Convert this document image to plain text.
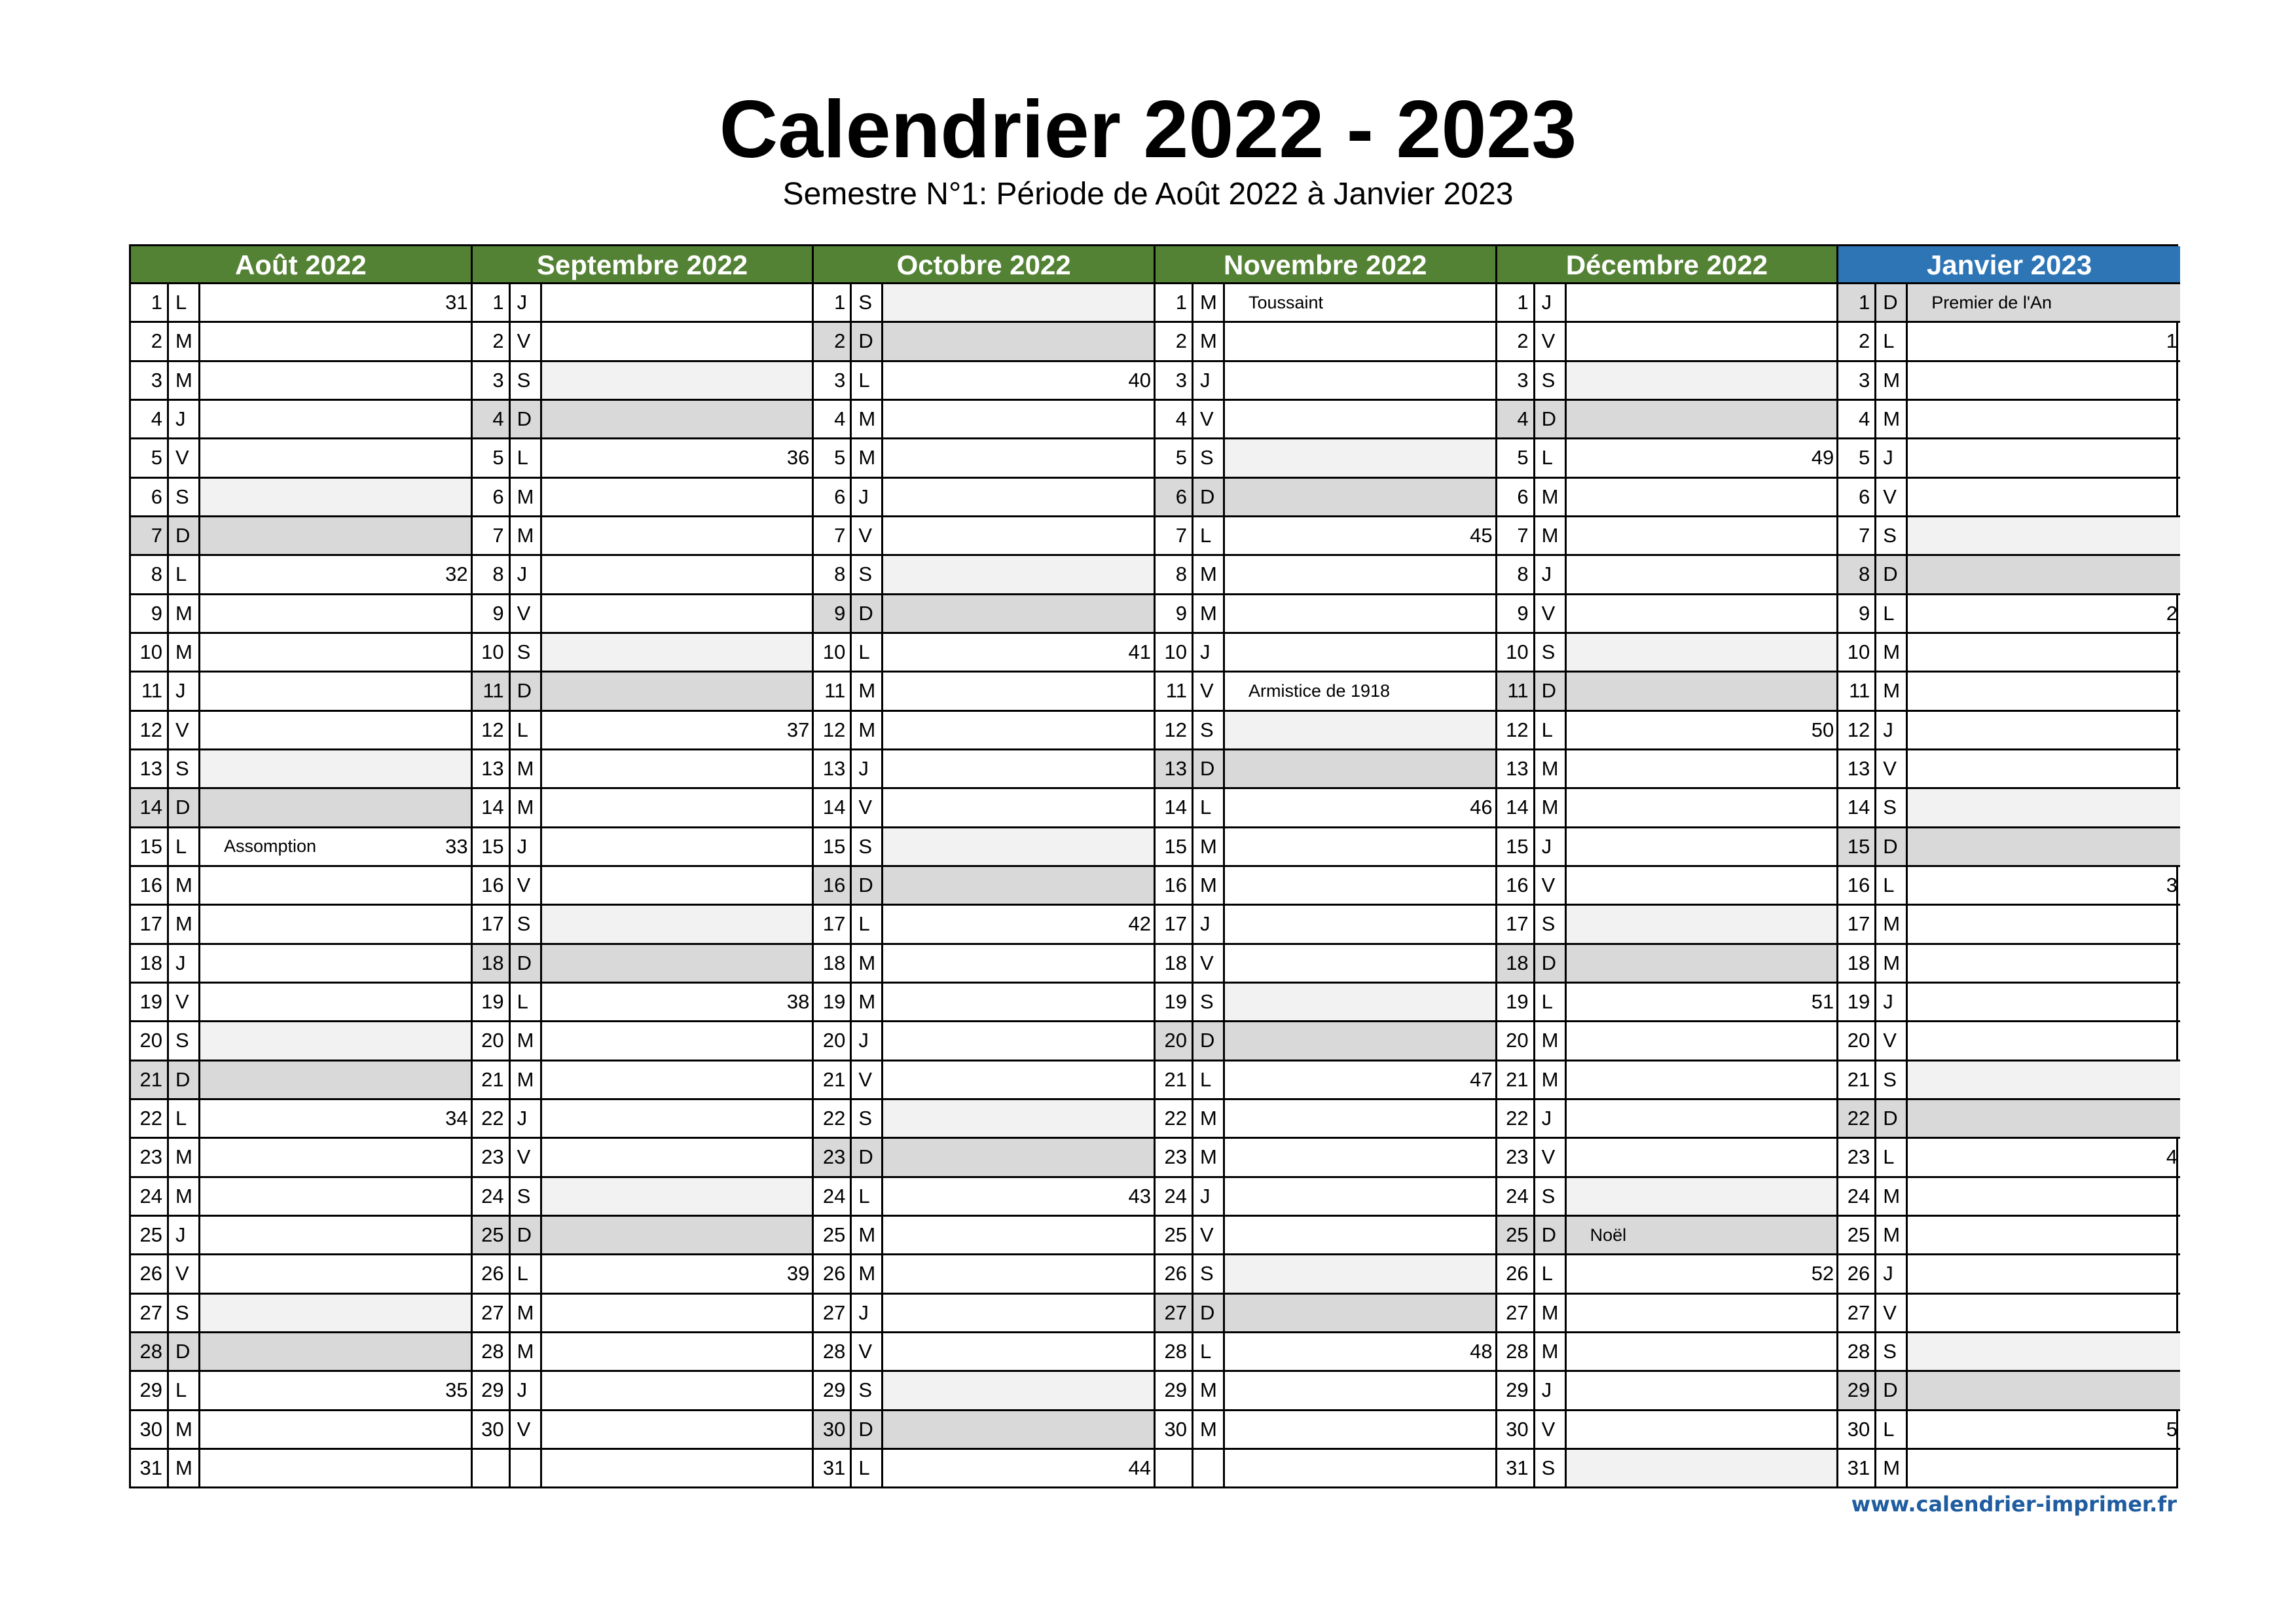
Calendrier 2022 - 2023
Semestre N°1: Période de Août 2022 à Janvier 2023
Août 2022
1 L	31
2 M
3 M
4 J
5 V
6 S
7 D
8 L	32
9 M
10 M
11 J
12 V
13 S
14 D
15 L	Assomption	33
16 M
17 M
18 J
19 V
20 S
21 D
22 L	34
23 M
24 M
25 J
26 V
27 S
28 D
29 L	35
30 M
31 M
Septembre 2022
1 J
2 V
3 S
4 D
5 L	36
6 M
7 M
8 J
9 V
10 S
11 D
12 L	37
13 M
14 M
15 J
16 V
17 S
18 D
19 L	38
20 M
21 M
22 J
23 V
24 S
25 D
26 L	39
27 M
28 M
29 J
30 V
Octobre 2022
1 S
2 D
3 L	40
4 M
5 M
6 J
7 V
8 S
9 D
10 L	41
11 M
12 M
13 J
14 V
15 S
16 D
17 L	42
18 M
19 M
20 J
21 V
22 S
23 D
24 L	43
25 M
26 M
27 J
28 V
29 S
30 D
31 L	44
Novembre 2022
1 M	Toussaint
2 M
3 J
4 V
5 S
6 D
7 L	45
8 M
9 M
10 J
11 V	Armistice de 1918
12 S
13 D
14 L	46
15 M
16 M
17 J
18 V
19 S
20 D
21 L	47
22 M
23 M
24 J
25 V
26 S
27 D
28 L	48
29 M
30 M
Décembre 2022
1 J
2 V
3 S
4 D
5 L	49
6 M
7 M
8 J
9 V
10 S
11 D
12 L	50
13 M
14 M
15 J
16 V
17 S
18 D
19 L	51
20 M
21 M
22 J
23 V
24 S
25 D	Noël
26 L	52
27 M
28 M
29 J
30 V
31 S
Janvier 2023
1 D	Premier de l'An
2 L	1
3 M
4 M
5 J
6 V
7 S
8 D
9 L	2
10 M
11 M
12 J
13 V
14 S
15 D
16 L	3
17 M
18 M
19 J
20 V
21 S
22 D
23 L	4
24 M
25 M
26 J
27 V
28 S
29 D
30 L	5
31 M
www.calendrier-imprimer.fr
